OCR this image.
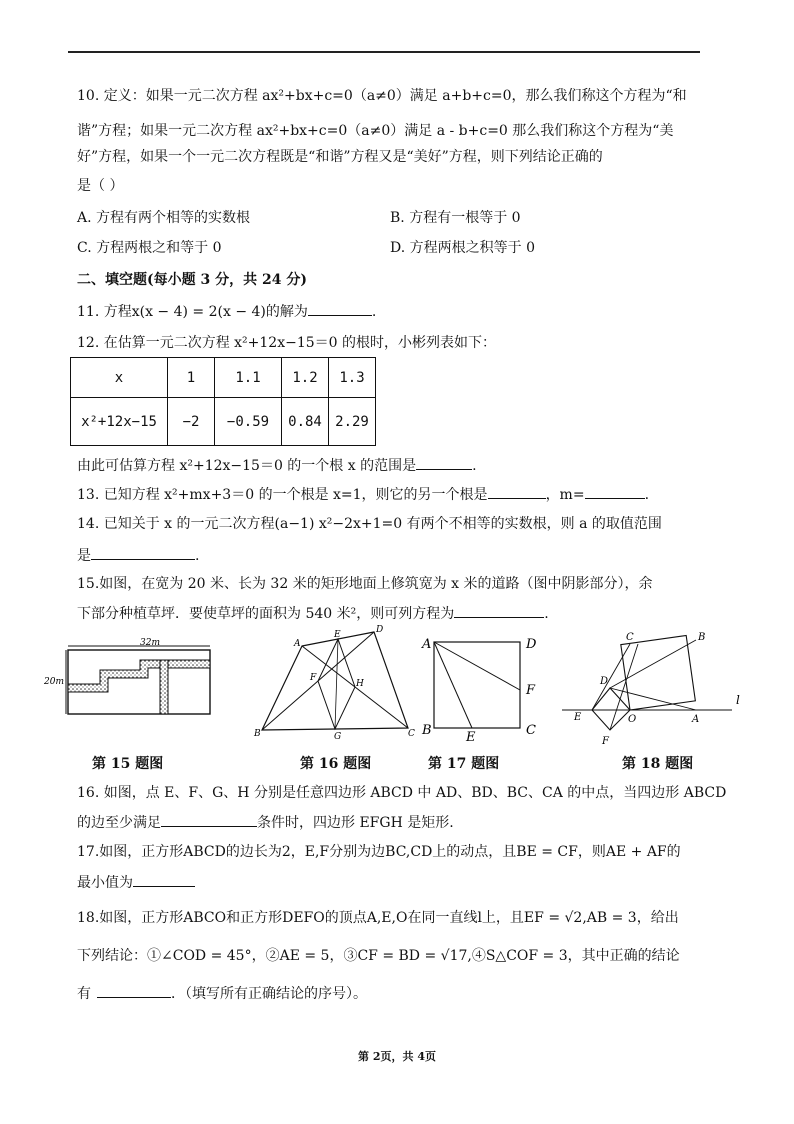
10. 定义：如果一元二次方程 ax²+bx+c=0（a≠0）满足 a+b+c=0，那么我们称这个方程为“和
谐”方程；如果一元二次方程 ax²+bx+c=0（a≠0）满足 a - b+c=0 那么我们称这个方程为“美
好”方程，如果一个一元二次方程既是“和谐”方程又是“美好”方程，则下列结论正确的
是（ ）
A. 方程有两个相等的实数根	B. 方程有一根等于 0
C. 方程两根之和等于 0	D. 方程两根之积等于 0
二、填空题(每小题 3 分，共 24 分)
11. 方程x(x − 4) = 2(x − 4)的解为	.
12. 在估算一元二次方程 x²+12x−15＝0 的根时，小彬列表如下：
x	1	1.1	1.2	1.3
x²+12x−15	−2	−0.59	0.84	2.29
由此可估算方程 x²+12x−15＝0 的一个根 x 的范围是	.
13. 已知方程 x²+mx+3＝0 的一个根是 x=1，则它的另一个根是	，m=	.
14. 已知关于 x 的一元二次方程(a−1) x²−2x+1=0 有两个不相等的实数根，则 a 的取值范围
是	.
15.如图，在宽为 20 米、长为 32 米的矩形地面上修筑宽为 x 米的道路（图中阴影部分），余
下部分种植草坪．要使草坪的面积为 540 米²，则可列方程为	.
32m
20m
第 15 题图
A
D
E
F
H
G
B	C
第 16 题图
A	D
F
C
B	E
第 17 题图
l
C	B
D
E	O	A
F
第 18 题图
16. 如图，点 E、F、G、H 分别是任意四边形 ABCD 中 AD、BD、BC、CA 的中点，当四边形 ABCD
的边至少满足	条件时，四边形 EFGH 是矩形.
17.如图，正方形ABCD的边长为2，E,F分别为边BC,CD上的动点，且BE = CF，则AE + AF的
最小值为
18.如图，正方形ABCO和正方形DEFO的顶点A,E,O在同一直线l上，且EF = √2,AB = 3，给出
下列结论：①∠COD = 45°，②AE = 5，③CF = BD = √17,④S△COF = 3，其中正确的结论
有	．（填写所有正确结论的序号）。
第 2页，共 4页
